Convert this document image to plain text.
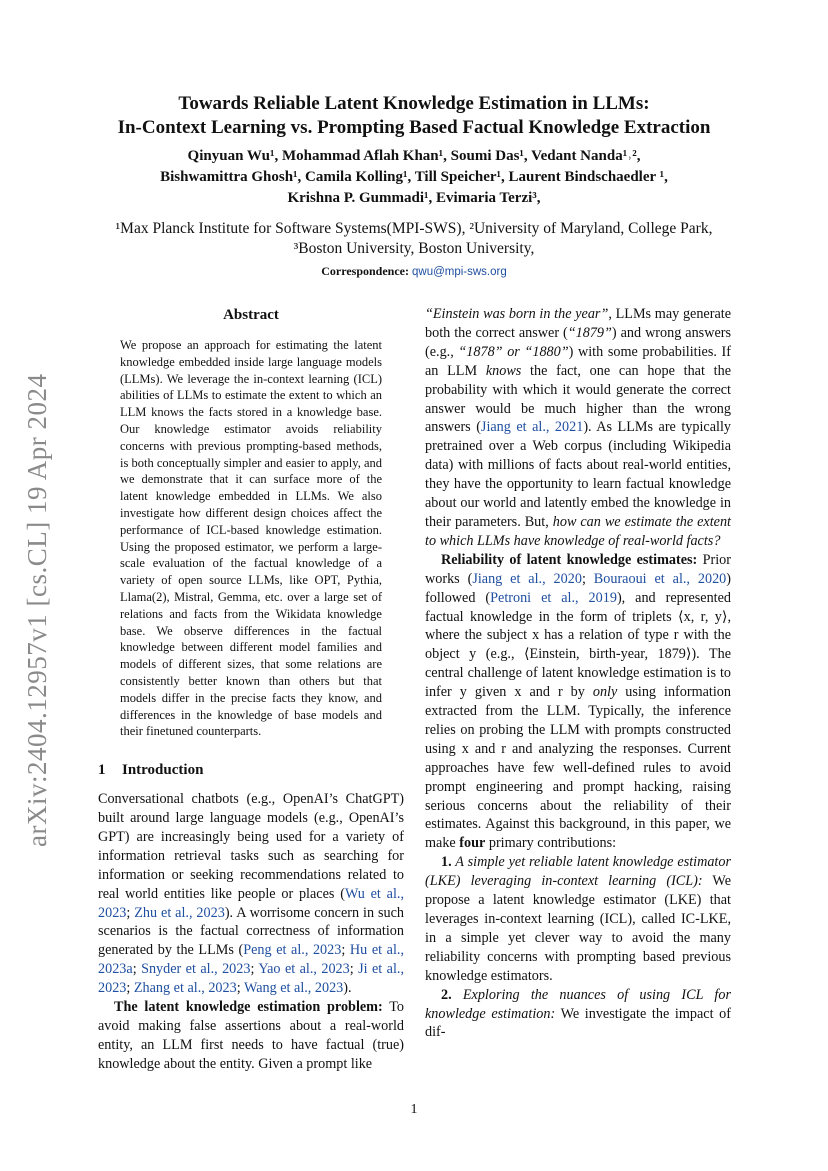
arXiv:2404.12957v1 [cs.CL] 19 Apr 2024
Towards Reliable Latent Knowledge Estimation in LLMs:
In-Context Learning vs. Prompting Based Factual Knowledge Extraction
Qinyuan Wu¹, Mohammad Aflah Khan¹, Soumi Das¹, Vedant Nanda¹˒²,
Bishwamittra Ghosh¹, Camila Kolling¹, Till Speicher¹, Laurent Bindschaedler ¹,
Krishna P. Gummadi¹, Evimaria Terzi³,
¹Max Planck Institute for Software Systems(MPI-SWS), ²University of Maryland, College Park,
³Boston University, Boston University,
Correspondence: qwu@mpi-sws.org
Abstract
We propose an approach for estimating the latent knowledge embedded inside large language models (LLMs). We leverage the in-context learning (ICL) abilities of LLMs to estimate the extent to which an LLM knows the facts stored in a knowledge base. Our knowledge estimator avoids reliability concerns with previous prompting-based methods, is both conceptually simpler and easier to apply, and we demonstrate that it can surface more of the latent knowledge embedded in LLMs. We also investigate how different design choices affect the performance of ICL-based knowledge estimation. Using the proposed estimator, we perform a large-scale evaluation of the factual knowledge of a variety of open source LLMs, like OPT, Pythia, Llama(2), Mistral, Gemma, etc. over a large set of relations and facts from the Wikidata knowledge base. We observe differences in the factual knowledge between different model families and models of different sizes, that some relations are consistently better known than others but that models differ in the precise facts they know, and differences in the knowledge of base models and their finetuned counterparts.
1 Introduction

Conversational chatbots (e.g., OpenAI’s ChatGPT) built around large language models (e.g., OpenAI’s GPT) are increasingly being used for a variety of information retrieval tasks such as searching for information or seeking recommendations related to real world entities like people or places (Wu et al., 2023; Zhu et al., 2023). A worrisome concern in such scenarios is the factual correctness of information generated by the LLMs (Peng et al., 2023; Hu et al., 2023a; Snyder et al., 2023; Yao et al., 2023; Ji et al., 2023; Zhang et al., 2023; Wang et al., 2023).

The latent knowledge estimation problem: To avoid making false assertions about a real-world entity, an LLM first needs to have factual (true) knowledge about the entity. Given a prompt like

“Einstein was born in the year”, LLMs may generate both the correct answer (“1879”) and wrong answers (e.g., “1878” or “1880”) with some probabilities. If an LLM knows the fact, one can hope that the probability with which it would generate the correct answer would be much higher than the wrong answers (Jiang et al., 2021). As LLMs are typically pretrained over a Web corpus (including Wikipedia data) with millions of facts about real-world entities, they have the opportunity to learn factual knowledge about our world and latently embed the knowledge in their parameters. But, how can we estimate the extent to which LLMs have knowledge of real-world facts?

Reliability of latent knowledge estimates: Prior works (Jiang et al., 2020; Bouraoui et al., 2020) followed (Petroni et al., 2019), and represented factual knowledge in the form of triplets ⟨x, r, y⟩, where the subject x has a relation of type r with the object y (e.g., ⟨Einstein, birth-year, 1879⟩). The central challenge of latent knowledge estimation is to infer y given x and r by only using information extracted from the LLM. Typically, the inference relies on probing the LLM with prompts constructed using x and r and analyzing the responses. Current approaches have few well-defined rules to avoid prompt engineering and prompt hacking, raising serious concerns about the reliability of their estimates. Against this background, in this paper, we make four primary contributions:

1. A simple yet reliable latent knowledge estimator (LKE) leveraging in-context learning (ICL): We propose a latent knowledge estimator (LKE) that leverages in-context learning (ICL), called IC-LKE, in a simple yet clever way to avoid the many reliability concerns with prompting based previous knowledge estimators.

2. Exploring the nuances of using ICL for knowledge estimation: We investigate the impact of dif-

1
